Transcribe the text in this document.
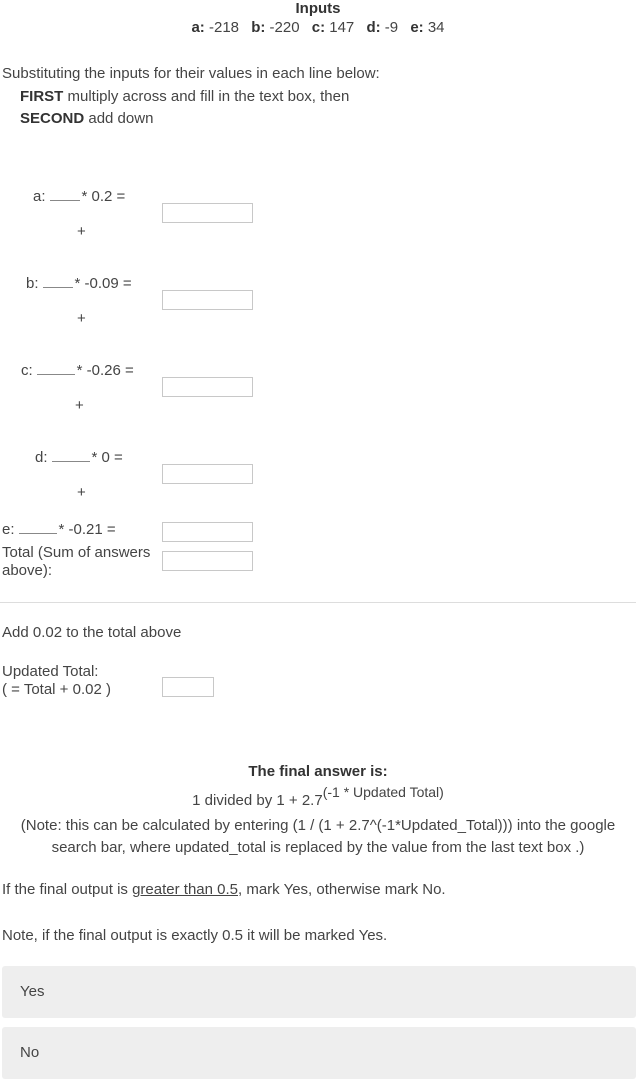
Inputs
a: -218 b: -220 c: 147 d: -9 e: 34
Substituting the inputs for their values in each line below:
FIRST multiply across and fill in the text box, then
SECOND add down
a: * 0.2 =
+
b: * -0.09 =
+
c:	* -0.26 =
+
d:	* 0 =
+
e:	* -0.21 =
Total (Sum of answers
above):
Add 0.02 to the total above
Updated Total:
( = Total + 0.02 )
The final answer is:
1 divided by $1 + 2.7^{(-1 * Updated Total)}$
(Note: this can be calculated by entering (1 / (1 + 2.7^(-1*Updated_Total))) into the google search bar, where updated_total is replaced by the value from the last text box .)
If the final output is greater than 0.5, mark Yes, otherwise mark No.
Note, if the final output is exactly 0.5 it will be marked Yes.
Yes
No
